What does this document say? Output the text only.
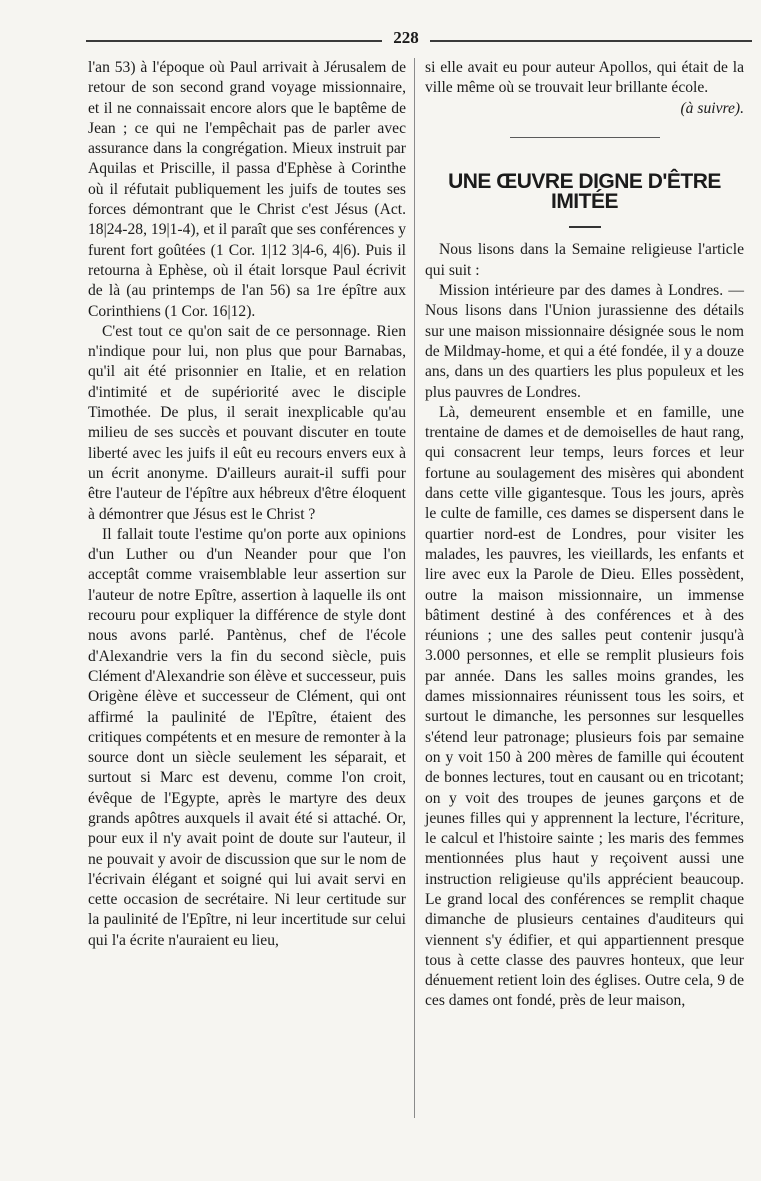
228

l'an 53) à l'époque où Paul arrivait à Jérusalem de retour de son second grand voyage missionnaire, et il ne connaissait encore alors que le baptême de Jean ; ce qui ne l'empêchait pas de parler avec assurance dans la congrégation. Mieux instruit par Aquilas et Priscille, il passa d'Ephèse à Corinthe où il réfutait publiquement les juifs de toutes ses forces démontrant que le Christ c'est Jésus (Act. 18|24-28, 19|1-4), et il paraît que ses conférences y furent fort goûtées (1 Cor. 1|12 3|4-6, 4|6). Puis il retourna à Ephèse, où il était lorsque Paul écrivit de là (au printemps de l'an 56) sa 1re épître aux Corinthiens (1 Cor. 16|12).

C'est tout ce qu'on sait de ce personnage. Rien n'indique pour lui, non plus que pour Barnabas, qu'il ait été prisonnier en Italie, et en relation d'intimité et de supériorité avec le disciple Timothée. De plus, il serait inexplicable qu'au milieu de ses succès et pouvant discuter en toute liberté avec les juifs il eût eu recours envers eux à un écrit anonyme. D'ailleurs aurait-il suffi pour être l'auteur de l'épître aux hébreux d'être éloquent à démontrer que Jésus est le Christ ?

Il fallait toute l'estime qu'on porte aux opinions d'un Luther ou d'un Neander pour que l'on acceptât comme vraisemblable leur assertion sur l'auteur de notre Epître, assertion à laquelle ils ont recouru pour expliquer la différence de style dont nous avons parlé. Pantènus, chef de l'école d'Alexandrie vers la fin du second siècle, puis Clément d'Alexandrie son élève et successeur, puis Origène élève et successeur de Clément, qui ont affirmé la paulinité de l'Epître, étaient des critiques compétents et en mesure de remonter à la source dont un siècle seulement les séparait, et surtout si Marc est devenu, comme l'on croit, évêque de l'Egypte, après le martyre des deux grands apôtres auxquels il avait été si attaché. Or, pour eux il n'y avait point de doute sur l'auteur, il ne pouvait y avoir de discussion que sur le nom de l'écrivain élégant et soigné qui lui avait servi en cette occasion de secrétaire. Ni leur certitude sur la paulinité de l'Epître, ni leur incertitude sur celui qui l'a écrite n'auraient eu lieu,

si elle avait eu pour auteur Apollos, qui était de la ville même où se trouvait leur brillante école.

(à suivre).

UNE ŒUVRE DIGNE D'ÊTRE IMITÉE

Nous lisons dans la Semaine religieuse l'article qui suit :

Mission intérieure par des dames à Londres. — Nous lisons dans l'Union jurassienne des détails sur une maison missionnaire désignée sous le nom de Mildmay-home, et qui a été fondée, il y a douze ans, dans un des quartiers les plus populeux et les plus pauvres de Londres.

Là, demeurent ensemble et en famille, une trentaine de dames et de demoiselles de haut rang, qui consacrent leur temps, leurs forces et leur fortune au soulagement des misères qui abondent dans cette ville gigantesque. Tous les jours, après le culte de famille, ces dames se dispersent dans le quartier nord-est de Londres, pour visiter les malades, les pauvres, les vieillards, les enfants et lire avec eux la Parole de Dieu. Elles possèdent, outre la maison missionnaire, un immense bâtiment destiné à des conférences et à des réunions ; une des salles peut contenir jusqu'à 3.000 personnes, et elle se remplit plusieurs fois par année. Dans les salles moins grandes, les dames missionnaires réunissent tous les soirs, et surtout le dimanche, les personnes sur lesquelles s'étend leur patronage; plusieurs fois par semaine on y voit 150 à 200 mères de famille qui écoutent de bonnes lectures, tout en causant ou en tricotant; on y voit des troupes de jeunes garçons et de jeunes filles qui y apprennent la lecture, l'écriture, le calcul et l'histoire sainte ; les maris des femmes mentionnées plus haut y reçoivent aussi une instruction religieuse qu'ils apprécient beaucoup. Le grand local des conférences se remplit chaque dimanche de plusieurs centaines d'auditeurs qui viennent s'y édifier, et qui appartiennent presque tous à cette classe des pauvres honteux, que leur dénuement retient loin des églises. Outre cela, 9 de ces dames ont fondé, près de leur maison,
